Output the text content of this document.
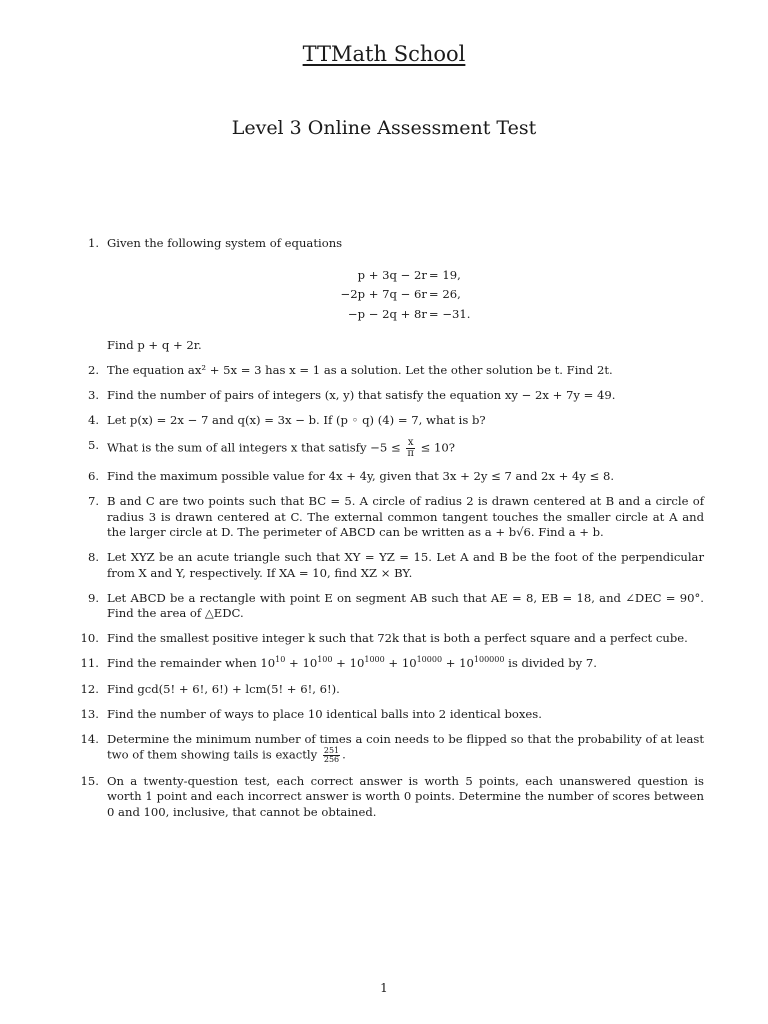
TTMath School
Level 3 Online Assessment Test
1. Given the following system of equations
p + 3q − 2r = 19,
−2p + 7q − 6r = 26,
−p − 2q + 8r = −31.
Find p + q + 2r.
2. The equation ax² + 5x = 3 has x = 1 as a solution. Let the other solution be t. Find 2t.
3. Find the number of pairs of integers (x, y) that satisfy the equation xy − 2x + 7y = 49.
4. Let p(x) = 2x − 7 and q(x) = 3x − b. If (p ◦ q) (4) = 7, what is b?
5. What is the sum of all integers x that satisfy $-5 \le \frac{x}{\pi} \le 10$?
6. Find the maximum possible value for 4x + 4y, given that 3x + 2y ≤ 7 and 2x + 4y ≤ 8.
7. B and C are two points such that BC = 5. A circle of radius 2 is drawn centered at B and a circle of radius 3 is drawn centered at C. The external common tangent touches the smaller circle at A and the larger circle at D. The perimeter of ABCD can be written as a + b√6. Find a + b.
8. Let XYZ be an acute triangle such that XY = YZ = 15. Let A and B be the foot of the perpendicular from X and Y, respectively. If XA = 10, find XZ × BY.
9. Let ABCD be a rectangle with point E on segment AB such that AE = 8, EB = 18, and ∠DEC = 90°. Find the area of △EDC.
10. Find the smallest positive integer k such that 72k that is both a perfect square and a perfect cube.
11. Find the remainder when $10^{10} + 10^{100} + 10^{1000} + 10^{10000} + 10^{100000}$ is divided by 7.
12. Find gcd(5! + 6!, 6!) + lcm(5! + 6!, 6!).
13. Find the number of ways to place 10 identical balls into 2 identical boxes.
14. Determine the minimum number of times a coin needs to be flipped so that the probability of at least two of them showing tails is exactly $\frac{251}{256}$ .
15. On a twenty-question test, each correct answer is worth 5 points, each unanswered question is worth 1 point and each incorrect answer is worth 0 points. Determine the number of scores between 0 and 100, inclusive, that cannot be obtained.
1
